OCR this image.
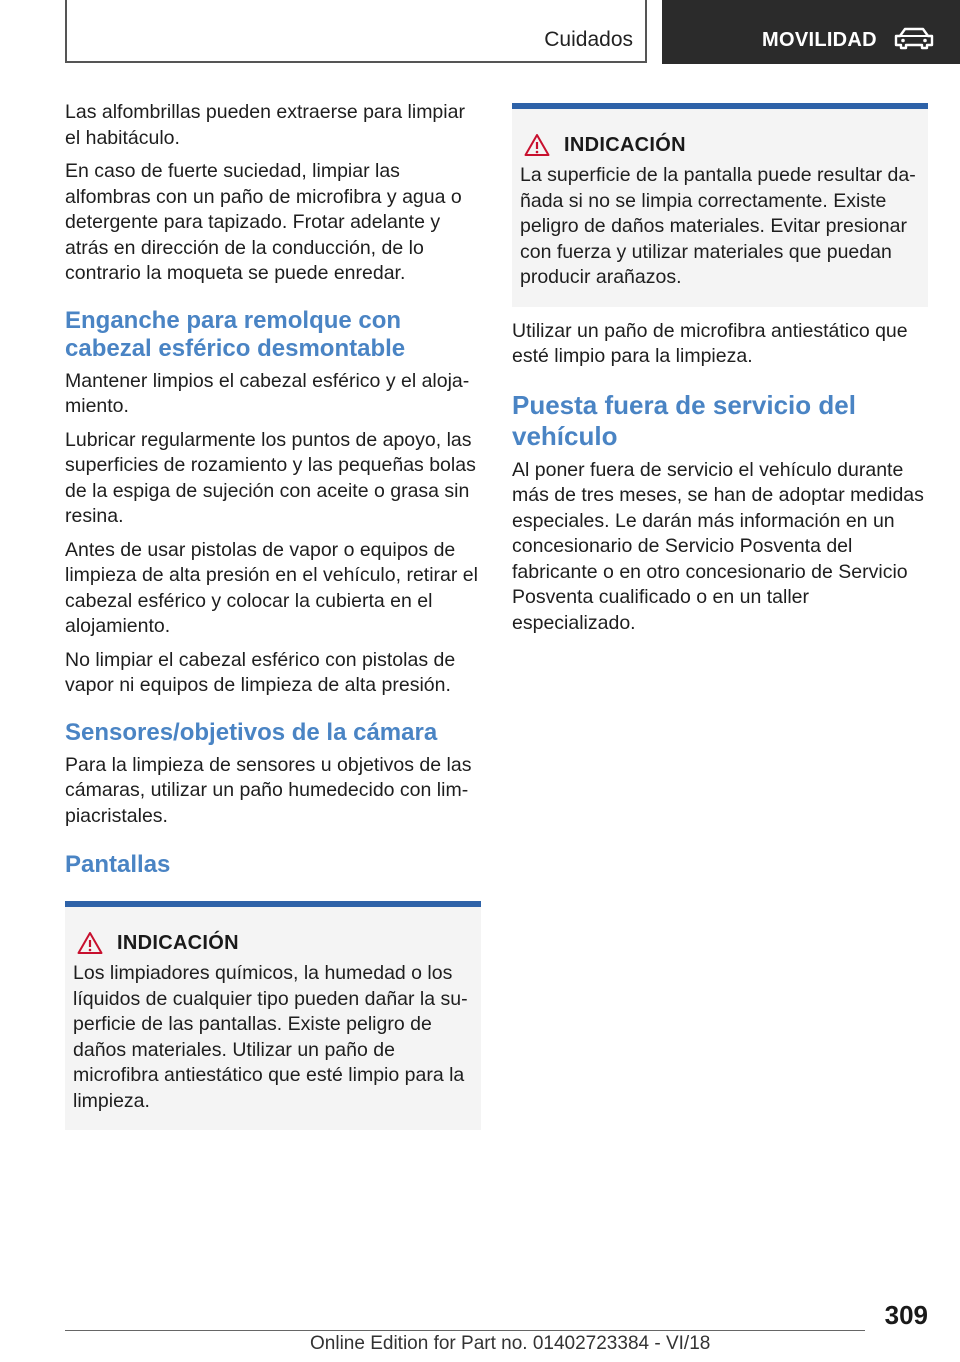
Cuidados	MOVILIDAD

Las alfombrillas pueden extraerse para limpiar el habitáculo.

En caso de fuerte suciedad, limpiar las alfombras con un paño de microfibra y agua o detergente para tapizado. Frotar adelante y atrás en dirección de la conducción, de lo contrario la moqueta se puede enredar.

Enganche para remolque con cabezal esférico desmontable

Mantener limpios el cabezal esférico y el alojamiento.

Lubricar regularmente los puntos de apoyo, las superficies de rozamiento y las pequeñas bolas de la espiga de sujeción con aceite o grasa sin resina.

Antes de usar pistolas de vapor o equipos de limpieza de alta presión en el vehículo, retirar el cabezal esférico y colocar la cubierta en el alojamiento.

No limpiar el cabezal esférico con pistolas de vapor ni equipos de limpieza de alta presión.

Sensores/objetivos de la cámara

Para la limpieza de sensores u objetivos de las cámaras, utilizar un paño humedecido con limpiacristales.

Pantallas
INDICACIÓN

Los limpiadores químicos, la humedad o los líquidos de cualquier tipo pueden dañar la superficie de las pantallas. Existe peligro de daños materiales. Utilizar un paño de microfibra antiestático que esté limpio para la limpieza.

INDICACIÓN

La superficie de la pantalla puede resultar dañada si no se limpia correctamente. Existe peligro de daños materiales. Evitar presionar con fuerza y utilizar materiales que puedan producir arañazos.

Utilizar un paño de microfibra antiestático que esté limpio para la limpieza.

Puesta fuera de servicio del vehículo

Al poner fuera de servicio el vehículo durante más de tres meses, se han de adoptar medidas especiales. Le darán más información en un concesionario de Servicio Posventa del fabricante o en otro concesionario de Servicio Posventa cualificado o en un taller especializado.

309
Online Edition for Part no. 01402723384 - VI/18
